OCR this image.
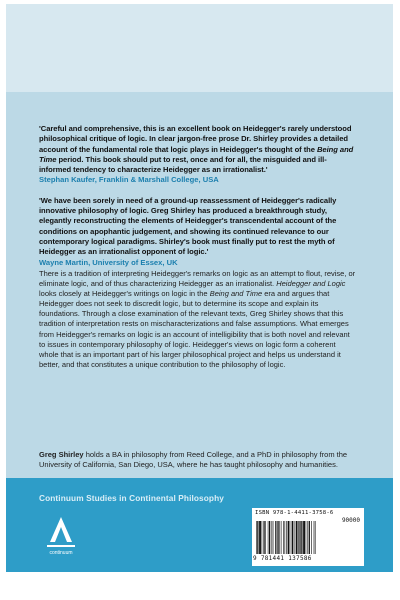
'Careful and comprehensive, this is an excellent book on Heidegger's rarely understood philosophical critique of logic. In clear jargon-free prose Dr. Shirley provides a detailed account of the fundamental role that logic plays in Heidegger's thought of the Being and Time period. This book should put to rest, once and for all, the misguided and ill-informed tendency to characterize Heidegger as an irrationalist.'

Stephan Kaufer, Franklin & Marshall College, USA

'We have been sorely in need of a ground-up reassessment of Heidegger's radically innovative philosophy of logic. Greg Shirley has produced a breakthrough study, elegantly reconstructing the elements of Heidegger's transcendental account of the conditions on apophantic judgement, and showing its continued relevance to our contemporary logical paradigms. Shirley's book must finally put to rest the myth of Heidegger as an irrationalist opponent of logic.'

Wayne Martin, University of Essex, UK

There is a tradition of interpreting Heidegger's remarks on logic as an attempt to flout, revise, or eliminate logic, and of thus characterizing Heidegger as an irrationalist. Heidegger and Logic looks closely at Heidegger's writings on logic in the Being and Time era and argues that Heidegger does not seek to discredit logic, but to determine its scope and explain its foundations. Through a close examination of the relevant texts, Greg Shirley shows that this tradition of interpretation rests on mischaracterizations and false assumptions. What emerges from Heidegger's remarks on logic is an account of intelligibility that is both novel and relevant to issues in contemporary philosophy of logic. Heidegger's views on logic form a coherent whole that is an important part of his larger philosophical project and helps us understand it better, and that constitutes a unique contribution to the philosophy of logic.

Greg Shirley holds a BA in philosophy from Reed College, and a PhD in philosophy from the University of California, San Diego, USA, where he has taught philosophy and humanities.

Continuum Studies in Continental Philosophy
continuum
ISBN 978-1-4411-3758-6
90000
9 781441 137586
